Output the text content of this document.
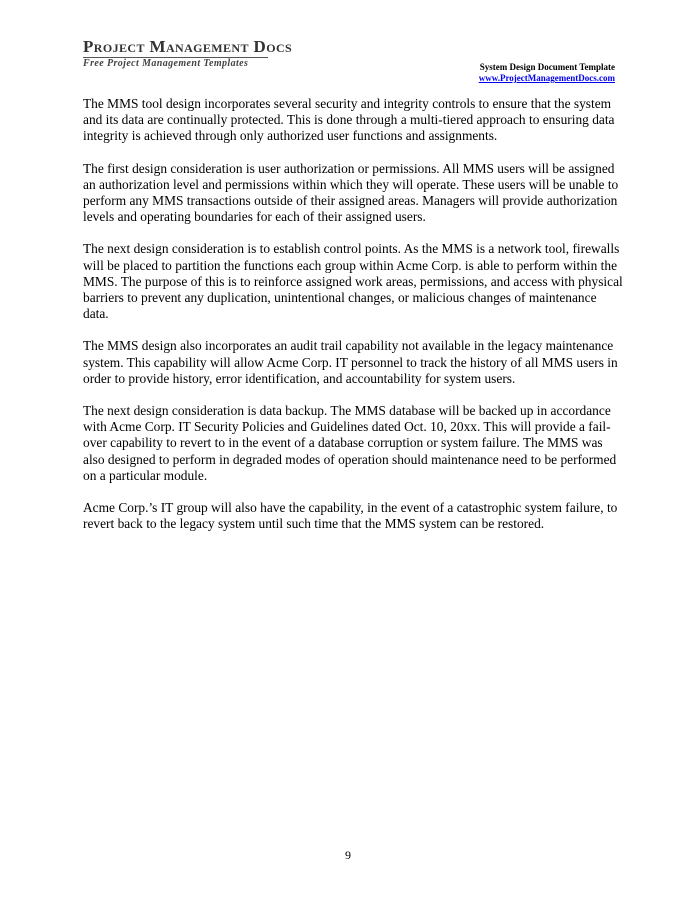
Project Management Docs
Free Project Management Templates	System Design Document Template
www.ProjectManagementDocs.com

The MMS tool design incorporates several security and integrity controls to ensure that the system and its data are continually protected. This is done through a multi-tiered approach to ensuring data integrity is achieved through only authorized user functions and assignments.

The first design consideration is user authorization or permissions. All MMS users will be assigned an authorization level and permissions within which they will operate. These users will be unable to perform any MMS transactions outside of their assigned areas. Managers will provide authorization levels and operating boundaries for each of their assigned users.

The next design consideration is to establish control points. As the MMS is a network tool, firewalls will be placed to partition the functions each group within Acme Corp. is able to perform within the MMS. The purpose of this is to reinforce assigned work areas, permissions, and access with physical barriers to prevent any duplication, unintentional changes, or malicious changes of maintenance data.

The MMS design also incorporates an audit trail capability not available in the legacy maintenance system. This capability will allow Acme Corp. IT personnel to track the history of all MMS users in order to provide history, error identification, and accountability for system users.

The next design consideration is data backup. The MMS database will be backed up in accordance with Acme Corp. IT Security Policies and Guidelines dated Oct. 10, 20xx. This will provide a fail-over capability to revert to in the event of a database corruption or system failure. The MMS was also designed to perform in degraded modes of operation should maintenance need to be performed on a particular module.

Acme Corp.’s IT group will also have the capability, in the event of a catastrophic system failure, to revert back to the legacy system until such time that the MMS system can be restored.

9
